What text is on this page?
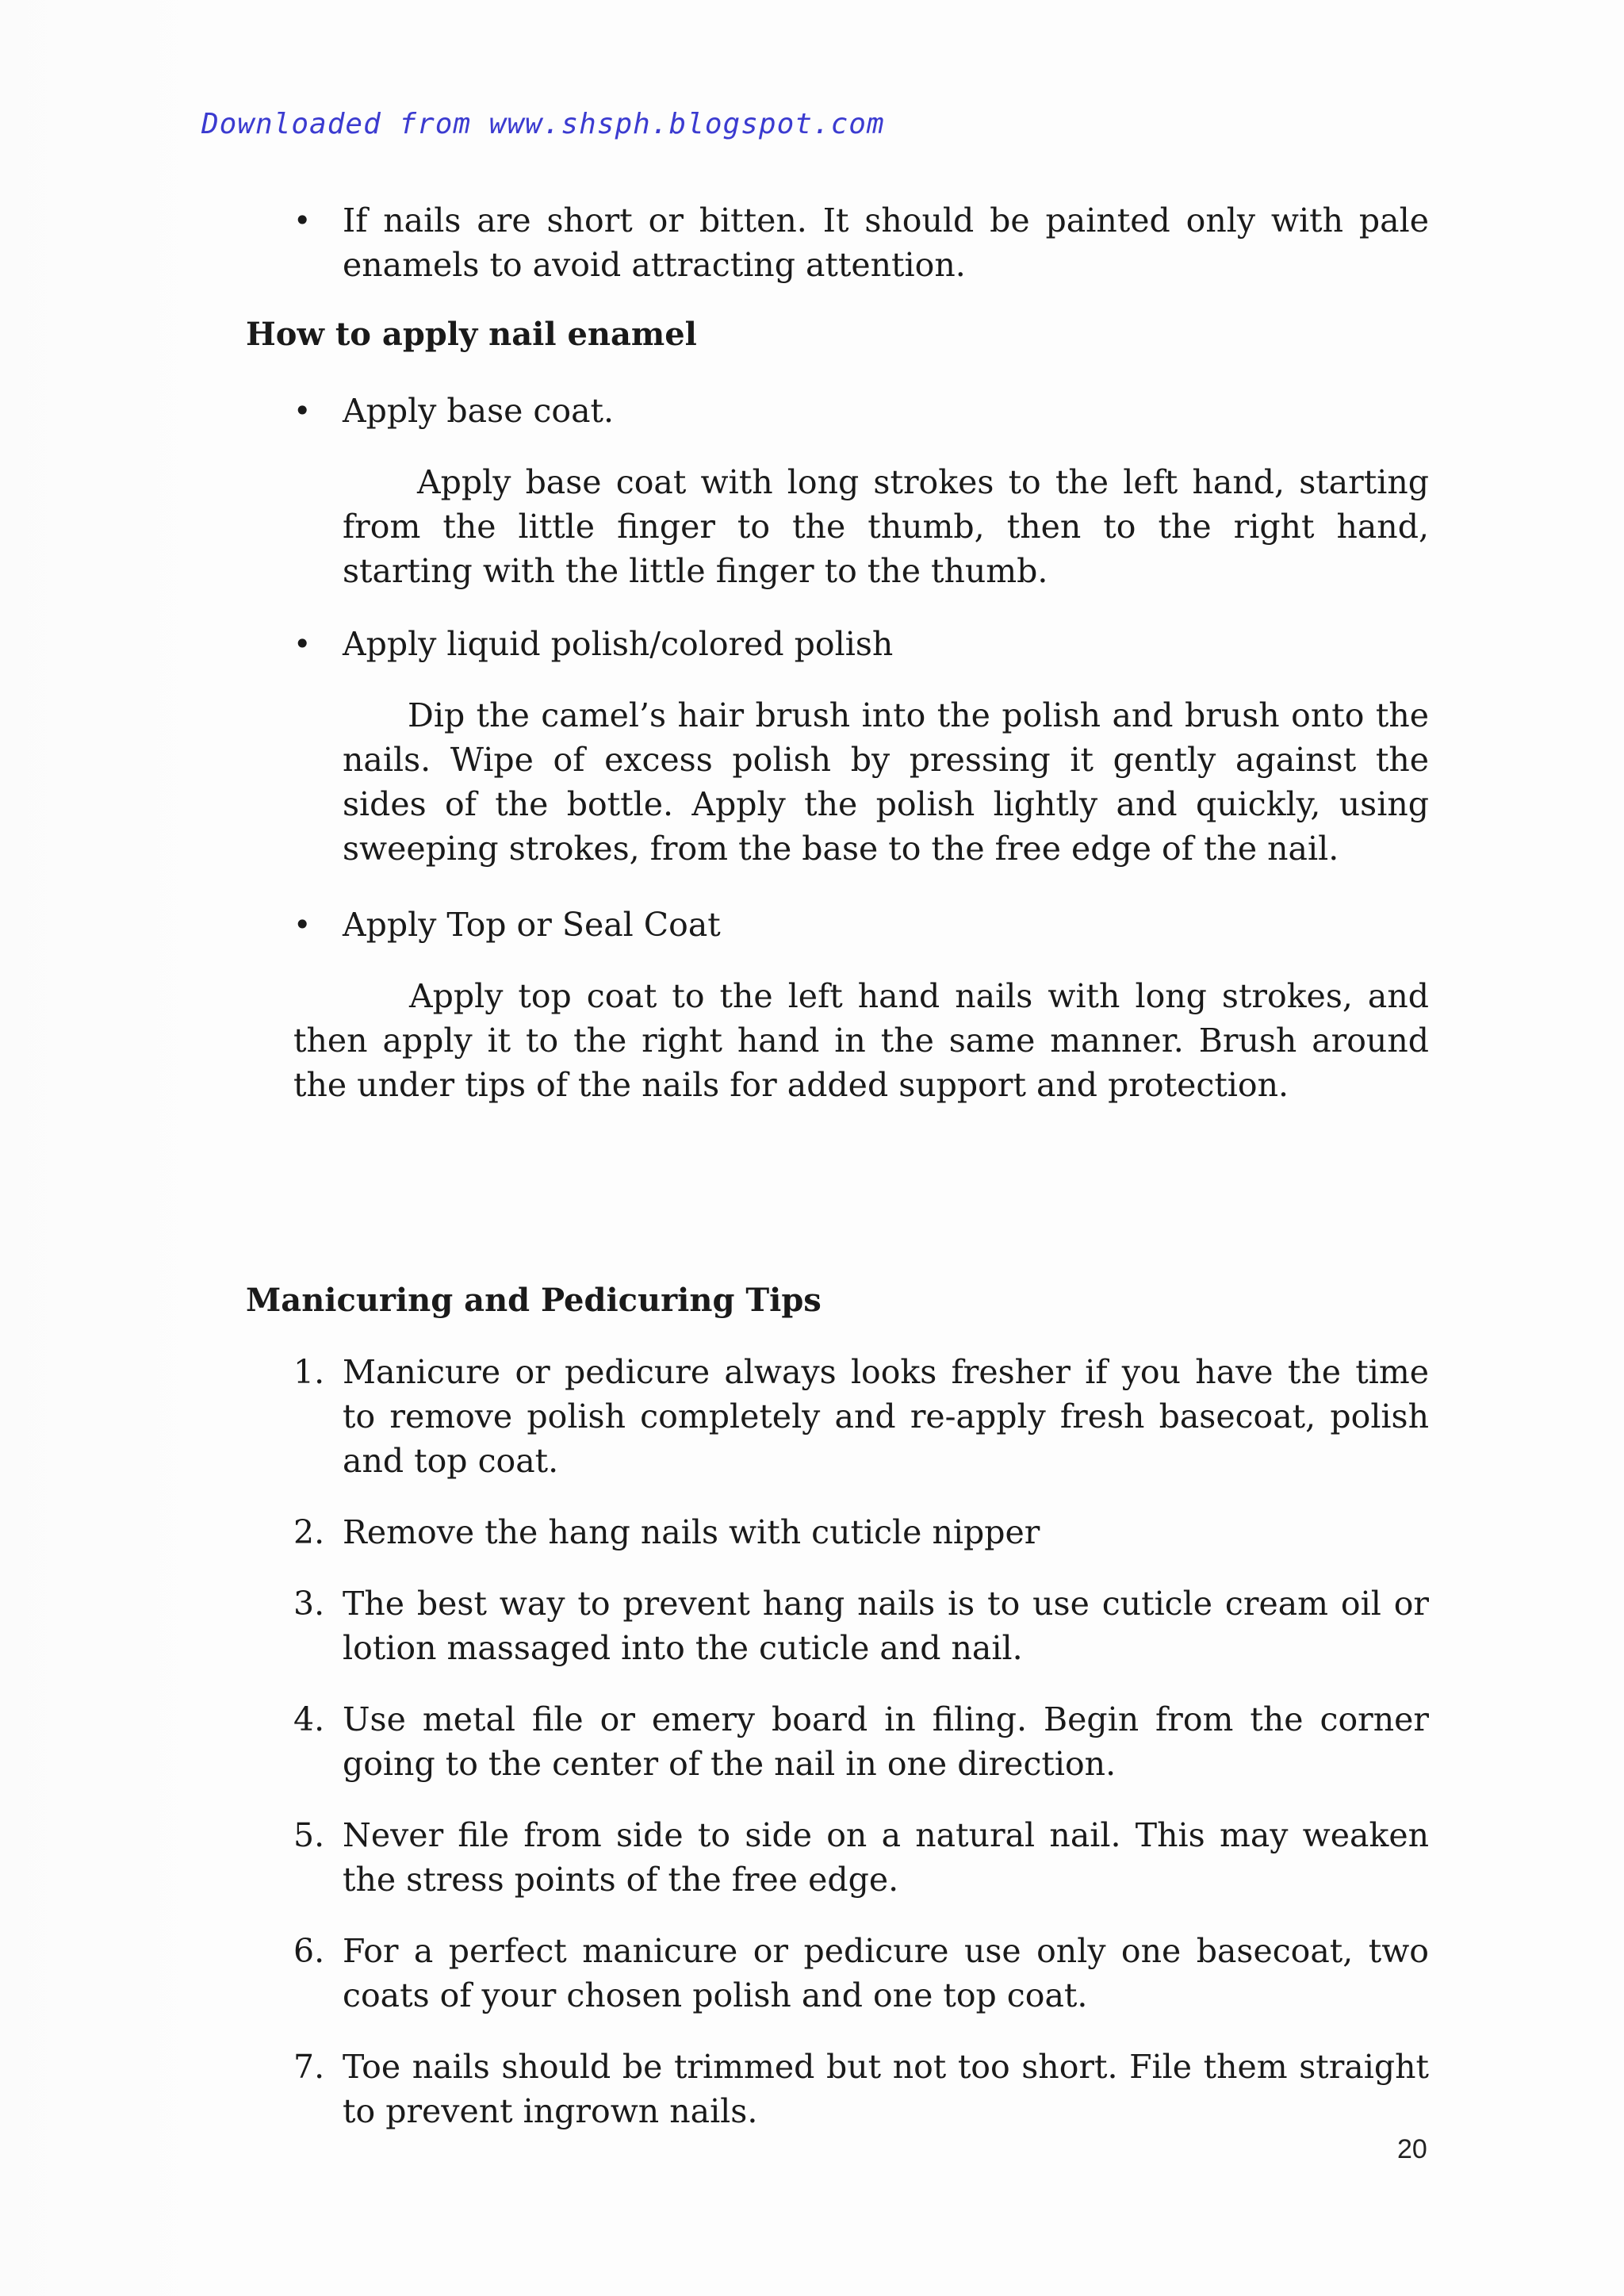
Downloaded from www.shsph.blogspot.com
• If nails are short or bitten. It should be painted only with pale enamels to avoid attracting attention.
How to apply nail enamel
• Apply base coat.
Apply base coat with long strokes to the left hand, starting from the little finger to the thumb, then to the right hand, starting with the little finger to the thumb.
• Apply liquid polish/colored polish
Dip the camel’s hair brush into the polish and brush onto the nails. Wipe of excess polish by pressing it gently against the sides of the bottle. Apply the polish lightly and quickly, using sweeping strokes, from the base to the free edge of the nail.
• Apply Top or Seal Coat
Apply top coat to the left hand nails with long strokes, and then apply it to the right hand in the same manner. Brush around the under tips of the nails for added support and protection.
Manicuring and Pedicuring Tips
1. Manicure or pedicure always looks fresher if you have the time to remove polish completely and re-apply fresh basecoat, polish and top coat.
2. Remove the hang nails with cuticle nipper
3. The best way to prevent hang nails is to use cuticle cream oil or lotion massaged into the cuticle and nail.
4. Use metal file or emery board in filing. Begin from the corner going to the center of the nail in one direction.
5. Never file from side to side on a natural nail. This may weaken the stress points of the free edge.
6. For a perfect manicure or pedicure use only one basecoat, two coats of your chosen polish and one top coat.
7. Toe nails should be trimmed but not too short. File them straight to prevent ingrown nails.
20
